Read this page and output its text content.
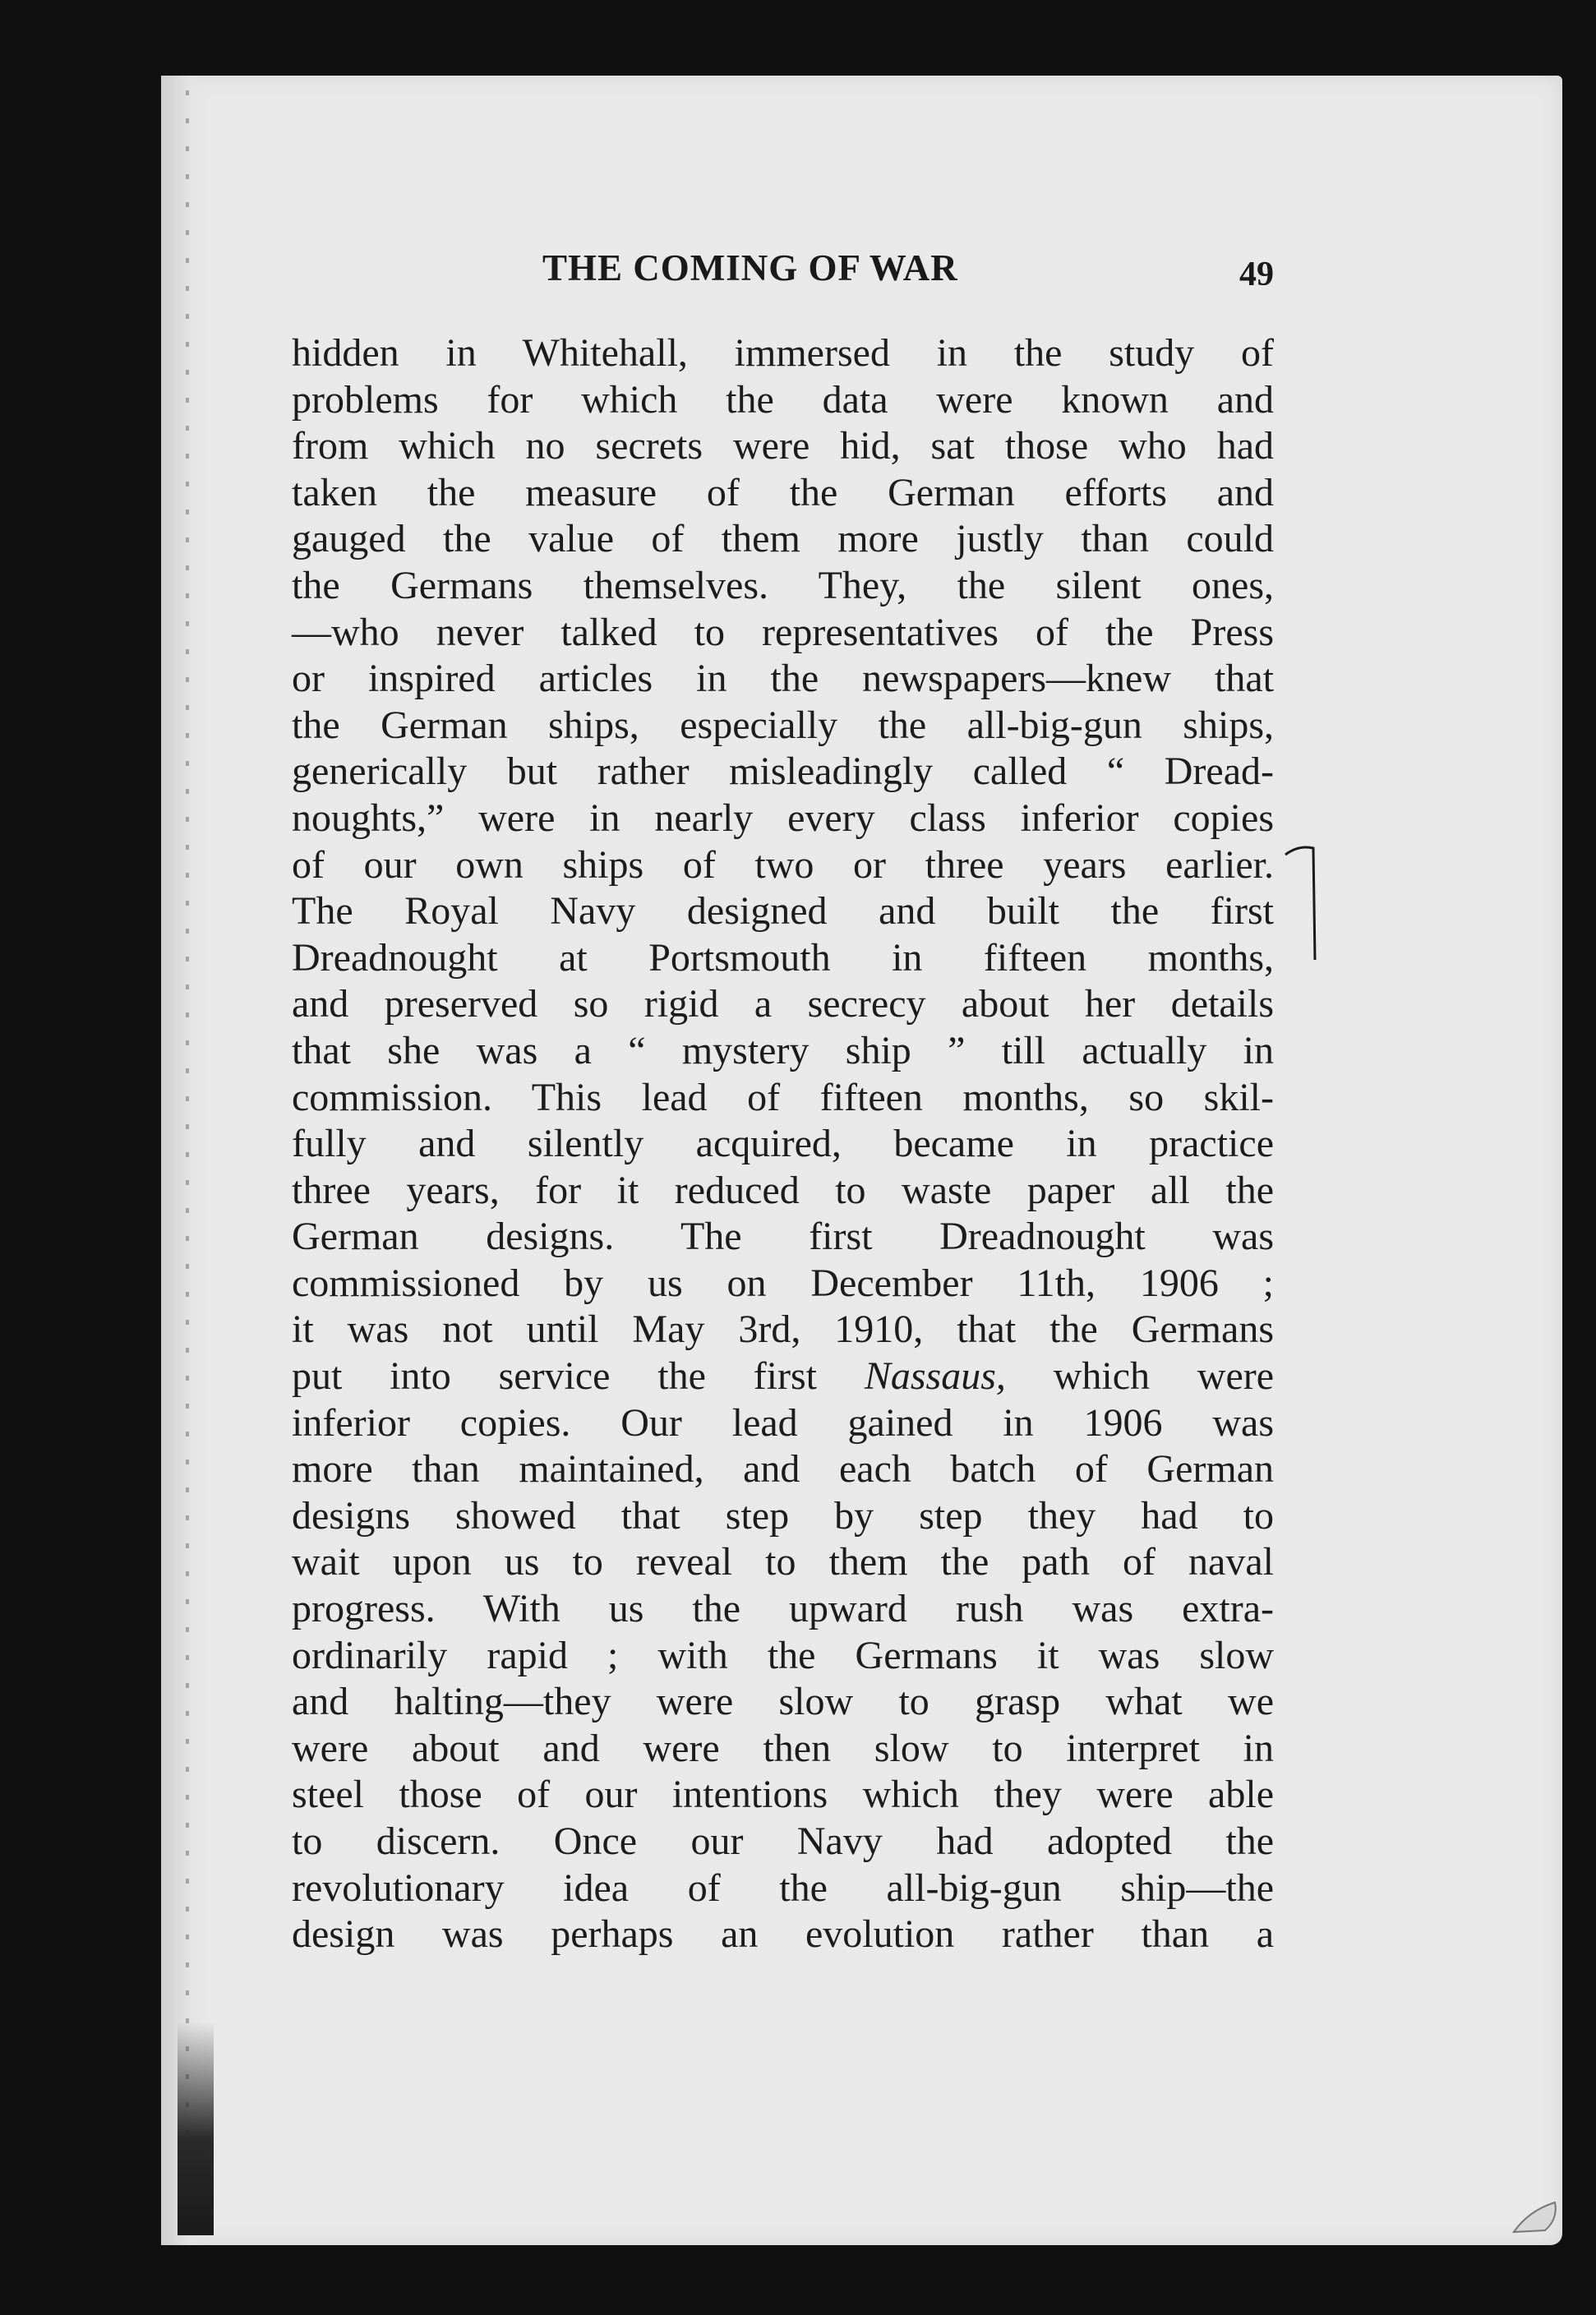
THE COMING OF WAR	49
hidden in Whitehall, immersed in the study of
problems for which the data were known and
from which no secrets were hid, sat those who had
taken the measure of the German efforts and
gauged the value of them more justly than could
the Germans themselves. They, the silent ones,
—who never talked to representatives of the Press
or inspired articles in the newspapers—knew that
the German ships, especially the all-big-gun ships,
generically but rather misleadingly called “ Dread-
noughts,” were in nearly every class inferior copies
of our own ships of two or three years earlier.
The Royal Navy designed and built the first
Dreadnought at Portsmouth in fifteen months,
and preserved so rigid a secrecy about her details
that she was a “ mystery ship ” till actually in
commission. This lead of fifteen months, so skil-
fully and silently acquired, became in practice
three years, for it reduced to waste paper all the
German designs. The first Dreadnought was
commissioned by us on December 11th, 1906 ;
it was not until May 3rd, 1910, that the Germans
put into service the first Nassaus, which were
inferior copies. Our lead gained in 1906 was
more than maintained, and each batch of German
designs showed that step by step they had to
wait upon us to reveal to them the path of naval
progress. With us the upward rush was extra-
ordinarily rapid ; with the Germans it was slow
and halting—they were slow to grasp what we
were about and were then slow to interpret in
steel those of our intentions which they were able
to discern. Once our Navy had adopted the
revolutionary idea of the all-big-gun ship—the
design was perhaps an evolution rather than a
